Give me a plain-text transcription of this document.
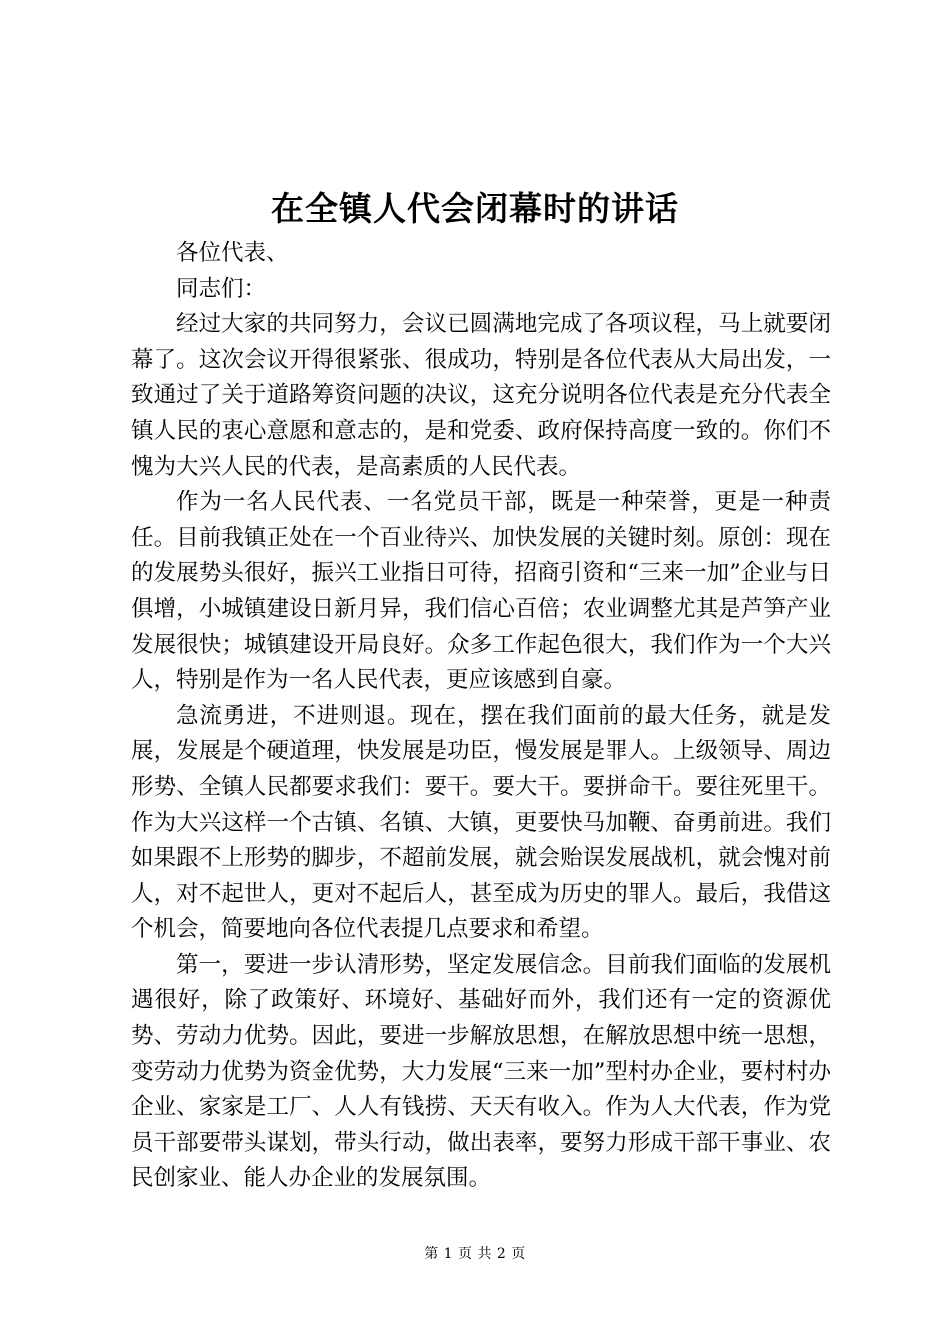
在全镇人代会闭幕时的讲话

各位代表、

同志们：

经过大家的共同努力，会议已圆满地完成了各项议程，马上就要闭幕了。这次会议开得很紧张、很成功，特别是各位代表从大局出发，一致通过了关于道路筹资问题的决议，这充分说明各位代表是充分代表全镇人民的衷心意愿和意志的，是和党委、政府保持高度一致的。你们不愧为大兴人民的代表，是高素质的人民代表。

作为一名人民代表、一名党员干部，既是一种荣誉，更是一种责任。目前我镇正处在一个百业待兴、加快发展的关键时刻。原创：现在的发展势头很好，振兴工业指日可待，招商引资和“三来一加”企业与日俱增，小城镇建设日新月异，我们信心百倍；农业调整尤其是芦笋产业发展很快；城镇建设开局良好。众多工作起色很大，我们作为一个大兴人，特别是作为一名人民代表，更应该感到自豪。

急流勇进，不进则退。现在，摆在我们面前的最大任务，就是发展，发展是个硬道理，快发展是功臣，慢发展是罪人。上级领导、周边形势、全镇人民都要求我们：要干。要大干。要拼命干。要往死里干。作为大兴这样一个古镇、名镇、大镇，更要快马加鞭、奋勇前进。我们如果跟不上形势的脚步，不超前发展，就会贻误发展战机，就会愧对前人，对不起世人，更对不起后人，甚至成为历史的罪人。最后，我借这个机会，简要地向各位代表提几点要求和希望。

第一，要进一步认清形势，坚定发展信念。目前我们面临的发展机遇很好，除了政策好、环境好、基础好而外，我们还有一定的资源优势、劳动力优势。因此，要进一步解放思想，在解放思想中统一思想，变劳动力优势为资金优势，大力发展“三来一加”型村办企业，要村村办企业、家家是工厂、人人有钱捞、天天有收入。作为人大代表，作为党员干部要带头谋划，带头行动，做出表率，要努力形成干部干事业、农民创家业、能人办企业的发展氛围。

第 1 页 共 2 页
